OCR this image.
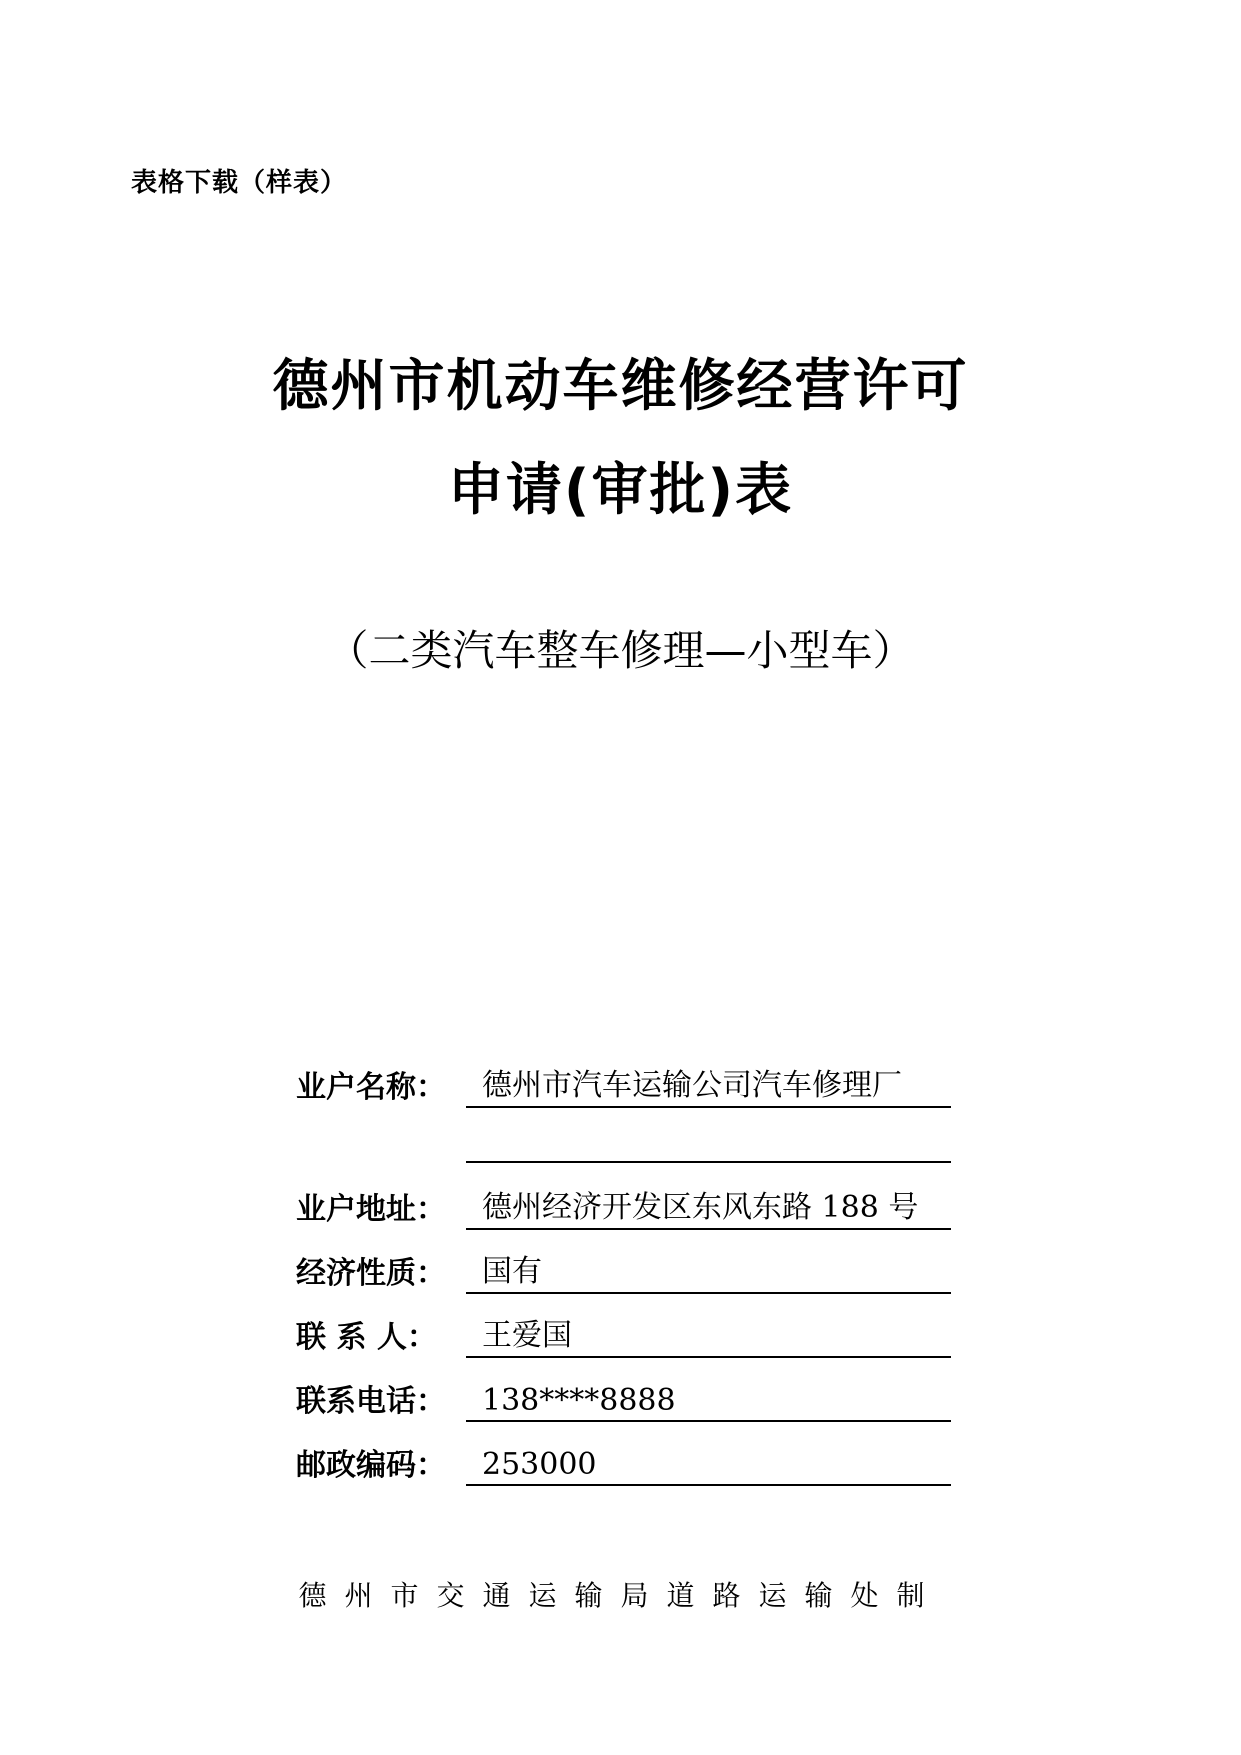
表格下载（样表）
德州市机动车维修经营许可
申请(审批)表
（二类汽车整车修理—小型车）
业户名称： 德州市汽车运输公司汽车修理厂
业户地址： 德州经济开发区东风东路 188 号
经济性质： 国有
联 系 人： 王爱国
联系电话： 138****8888
邮政编码： 253000
德州市交通运输局道路运输处制
